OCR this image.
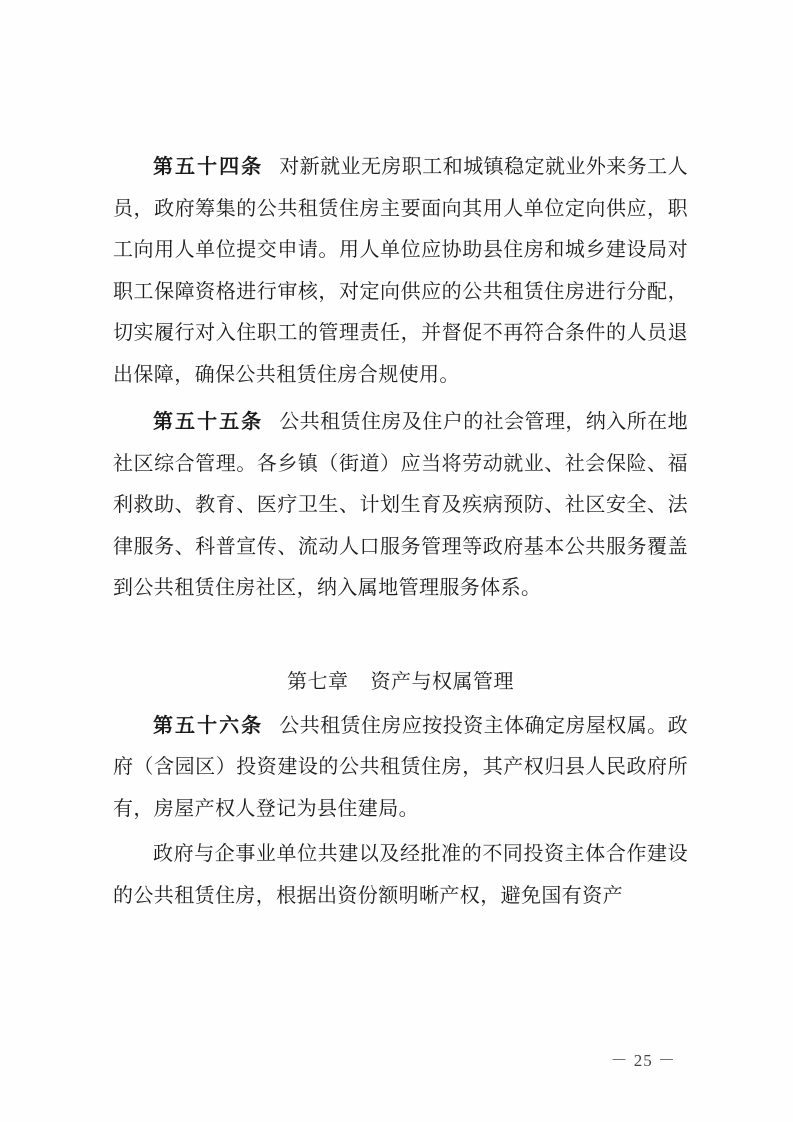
第五十四条 对新就业无房职工和城镇稳定就业外来务工人员，政府筹集的公共租赁住房主要面向其用人单位定向供应，职工向用人单位提交申请。用人单位应协助县住房和城乡建设局对职工保障资格进行审核，对定向供应的公共租赁住房进行分配，切实履行对入住职工的管理责任，并督促不再符合条件的人员退出保障，确保公共租赁住房合规使用。

第五十五条 公共租赁住房及住户的社会管理，纳入所在地社区综合管理。各乡镇（街道）应当将劳动就业、社会保险、福利救助、教育、医疗卫生、计划生育及疾病预防、社区安全、法律服务、科普宣传、流动人口服务管理等政府基本公共服务覆盖到公共租赁住房社区，纳入属地管理服务体系。

第七章 资产与权属管理

第五十六条 公共租赁住房应按投资主体确定房屋权属。政府（含园区）投资建设的公共租赁住房，其产权归县人民政府所有，房屋产权人登记为县住建局。

政府与企事业单位共建以及经批准的不同投资主体合作建设的公共租赁住房，根据出资份额明晰产权，避免国有资产

－ 25 －
